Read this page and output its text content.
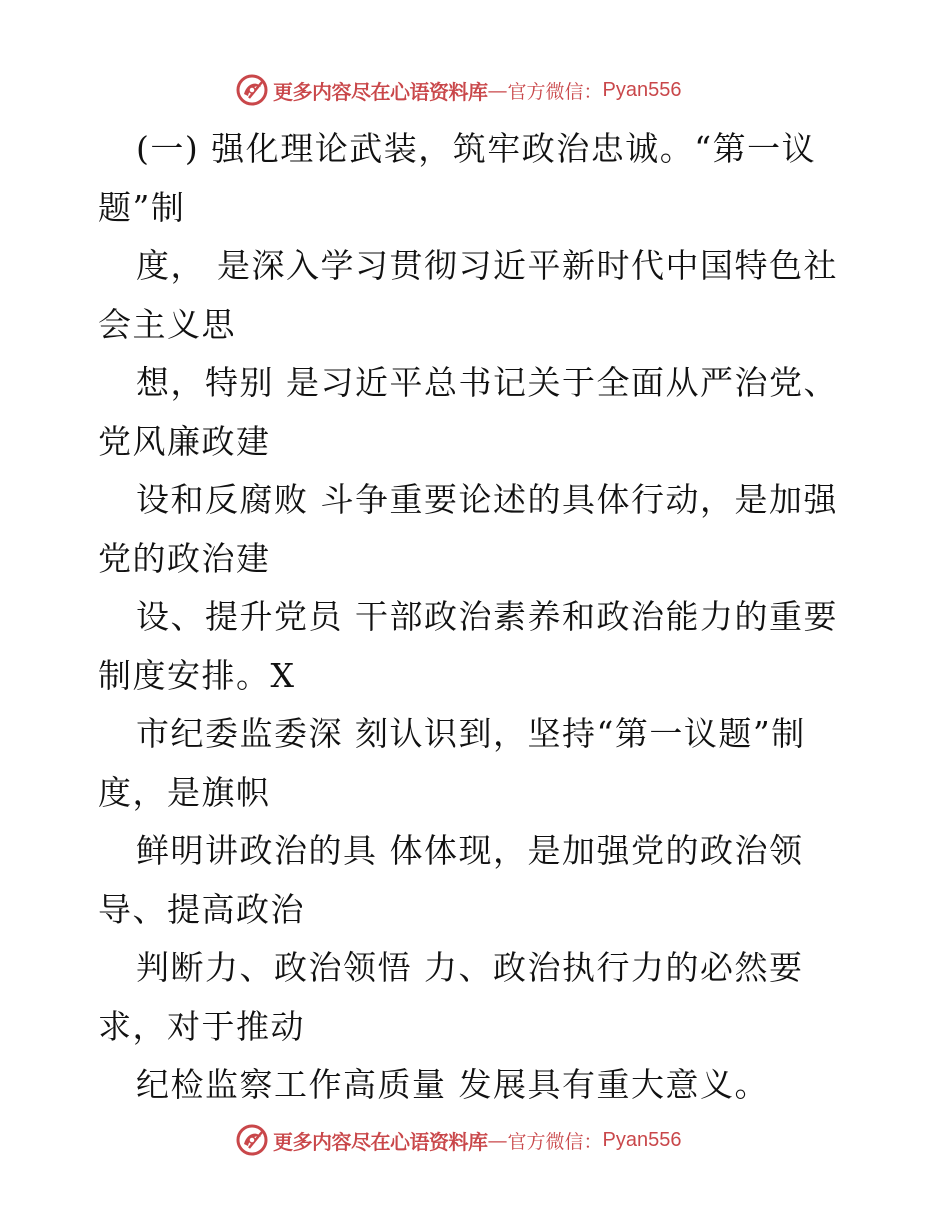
更多内容尽在心语资料库 — 官方微信： Pyan556
(一) 强化理论武装，筑牢政治忠诚。“第一议
题”制
度， 是深入学习贯彻习近平新时代中国特色社
会主义思
想，特别 是习近平总书记关于全面从严治党、
党风廉政建
设和反腐败 斗争重要论述的具体行动，是加强
党的政治建
设、提升党员 干部政治素养和政治能力的重要
制度安排。X
市纪委监委深 刻认识到，坚持“第一议题”制
度，是旗帜
鲜明讲政治的具 体体现，是加强党的政治领
导、提高政治
判断力、政治领悟 力、政治执行力的必然要
求，对于推动
纪检监察工作高质量 发展具有重大意义。
更多内容尽在心语资料库 — 官方微信： Pyan556
